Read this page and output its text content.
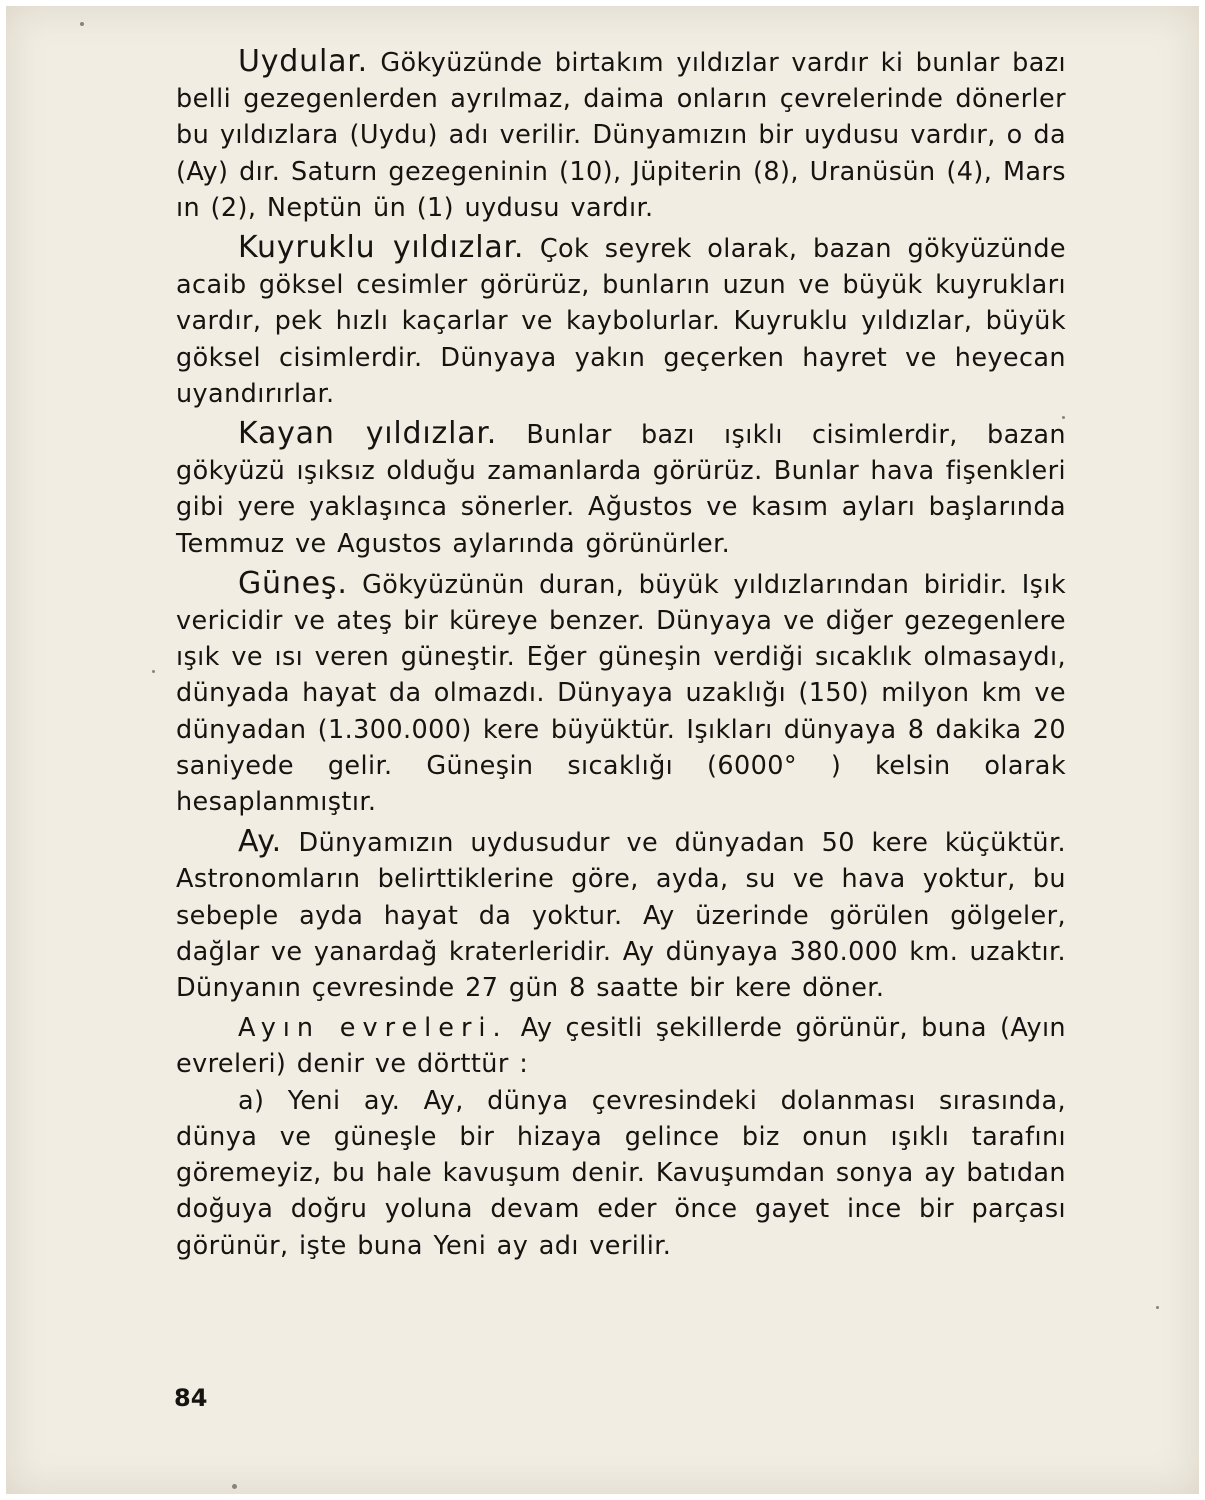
Uydular. Gökyüzünde birtakım yıldızlar vardır ki bunlar bazı belli gezegenlerden ayrılmaz, daima onların çevrelerinde dönerler bu yıldızlara (Uydu) adı verilir. Dünyamızın bir uydusu vardır, o da (Ay) dır. Saturn gezegeninin (10), Jüpiterin (8), Uranüsün (4), Mars ın (2), Neptün ün (1) uydusu vardır.

Kuyruklu yıldızlar. Çok seyrek olarak, bazan gökyüzünde acaib göksel cesimler görürüz, bunların uzun ve büyük kuyrukları vardır, pek hızlı kaçarlar ve kaybolurlar. Kuyruklu yıldızlar, büyük göksel cisimlerdir. Dünyaya yakın geçerken hayret ve heyecan uyandırırlar.

Kayan yıldızlar. Bunlar bazı ışıklı cisimlerdir, bazan gökyüzü ışıksız olduğu zamanlarda görürüz. Bunlar hava fişenkleri gibi yere yaklaşınca sönerler. Ağustos ve kasım ayları başlarında Temmuz ve Agustos aylarında görünürler.

Güneş. Gökyüzünün duran, büyük yıldızlarından biridir. Işık vericidir ve ateş bir küreye benzer. Dünyaya ve diğer gezegenlere ışık ve ısı veren güneştir. Eğer güneşin verdiği sıcaklık olmasaydı, dünyada hayat da olmazdı. Dünyaya uzaklığı (150) milyon km ve dünyadan (1.300.000) kere büyüktür. Işıkları dünyaya 8 dakika 20 saniyede gelir. Güneşin sıcaklığı (6000° ) kelsin olarak hesaplanmıştır.

Ay. Dünyamızın uydusudur ve dünyadan 50 kere küçüktür. Astronomların belirttiklerine göre, ayda, su ve hava yoktur, bu sebeple ayda hayat da yoktur. Ay üzerinde görülen gölgeler, dağlar ve yanardağ kraterleridir. Ay dünyaya 380.000 km. uzaktır. Dünyanın çevresinde 27 gün 8 saatte bir kere döner.

Ayın evreleri. Ay çesitli şekillerde görünür, buna (Ayın evreleri) denir ve dörttür :

a) Yeni ay. Ay, dünya çevresindeki dolanması sırasında, dünya ve güneşle bir hizaya gelince biz onun ışıklı tarafını göremeyiz, bu hale kavuşum denir. Kavuşumdan sonya ay batıdan doğuya doğru yoluna devam eder önce gayet ince bir parçası görünür, işte buna Yeni ay adı verilir.

84
